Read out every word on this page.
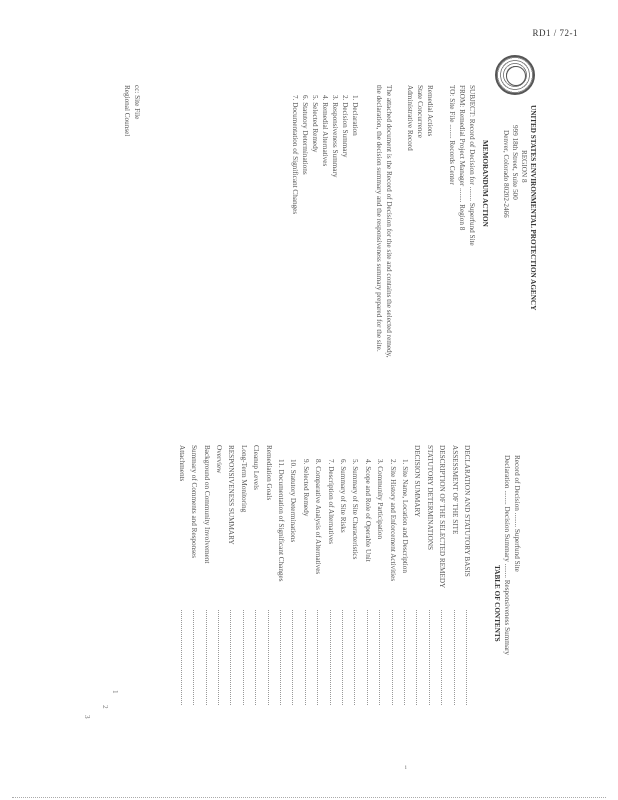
RD1 / 72-1
UNITED STATES ENVIRONMENTAL PROTECTION AGENCY
REGION 8
999 18th Street, Suite 500
Denver, Colorado 80202-2466
MEMORANDUM ACTION
SUBJECT: Record of Decision for ........ Superfund Site
FROM: Remedial Project Manager ........ Region 8
TO: Site File ........ Records Center
Remedial Actions
State Concurrence
Administrative Record
The attached document is the Record of Decision for the site and contains the selected remedy,
the declaration, the decision summary and the responsiveness summary prepared for the site.
1. Declaration
2. Decision Summary
3. Responsiveness Summary
4. Remedial Alternatives
5. Selected Remedy
6. Statutory Determinations
7. Documentation of Significant Changes
cc: Site File
Regional Counsel
TABLE OF CONTENTS
Record of Decision ........ Superfund Site
Declaration ........ Decision Summary ........ Responsiveness Summary
DECLARATION AND STATUTORY BASIS
ASSESSMENT OF THE SITE
DESCRIPTION OF THE SELECTED REMEDY
STATUTORY DETERMINATIONS
DECISION SUMMARY
1. Site Name, Location and Description
2. Site History and Enforcement Activities
3. Community Participation
4. Scope and Role of Operable Unit
5. Summary of Site Characteristics
6. Summary of Site Risks
7. Description of Alternatives
8. Comparative Analysis of Alternatives
9. Selected Remedy
10. Statutory Determinations
11. Documentation of Significant Changes
Remediation Goals
Cleanup Levels
Long-Term Monitoring
RESPONSIVENESS SUMMARY
Overview
Background on Community Involvement
Summary of Comments and Responses
Attachments
1
2
3
i
